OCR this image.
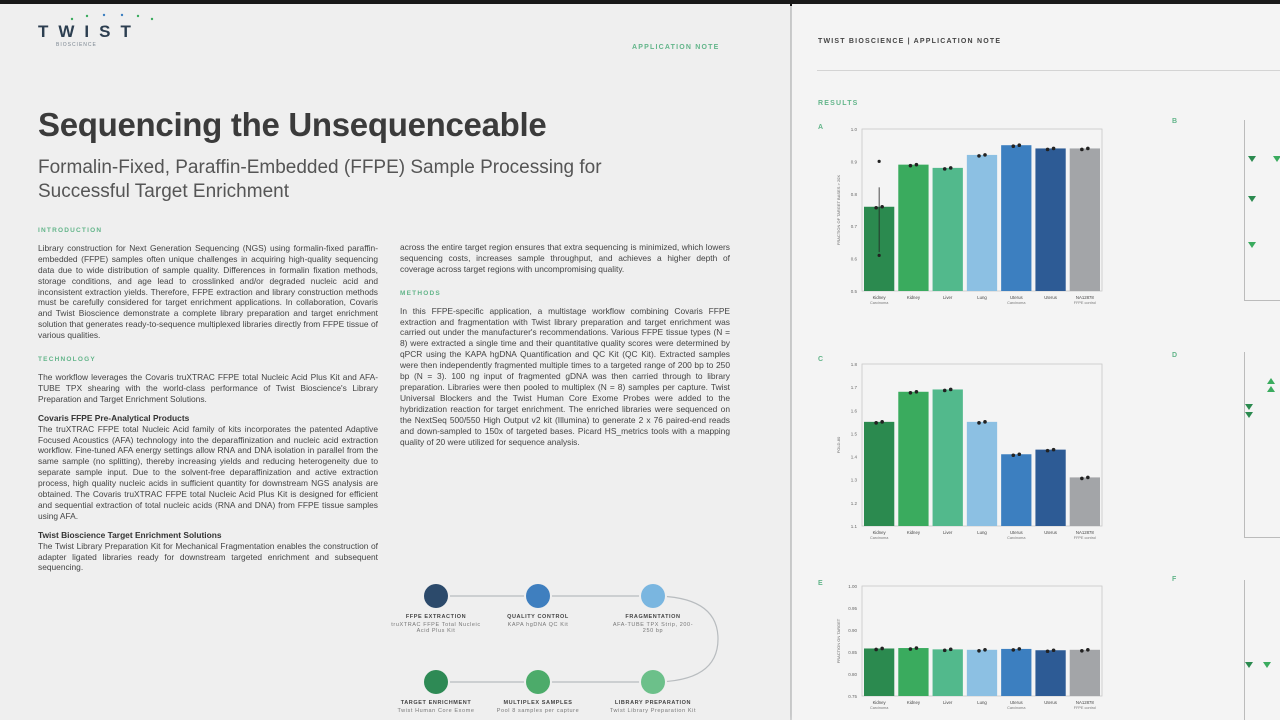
TWIST
BIOSCIENCE	APPLICATION NOTE
Sequencing the Unsequenceable
Formalin-Fixed, Paraffin-Embedded (FFPE) Sample Processing for Successful Target Enrichment
INTRODUCTION
Library construction for Next Generation Sequencing (NGS) using formalin-fixed paraffin-embedded (FFPE) samples often unique challenges in acquiring high-quality sequencing data due to wide distribution of sample quality. Differences in formalin fixation methods, storage conditions, and age lead to crosslinked and/or degraded nucleic acid and inconsistent extraction yields. Therefore, FFPE extraction and library construction methods must be carefully considered for target enrichment applications. In collaboration, Covaris and Twist Bioscience demonstrate a complete library preparation and target enrichment solution that generates ready-to-sequence multiplexed libraries directly from FFPE tissue of various qualities.
TECHNOLOGY
The workflow leverages the Covaris truXTRAC FFPE total Nucleic Acid Plus Kit and AFA-TUBE TPX shearing with the world-class performance of Twist Bioscience's Library Preparation and Target Enrichment Solutions.
Covaris FFPE Pre-Analytical Products
The truXTRAC FFPE total Nucleic Acid family of kits incorporates the patented Adaptive Focused Acoustics (AFA) technology into the deparaffinization and nucleic acid extraction workflow. Fine-tuned AFA energy settings allow RNA and DNA isolation in parallel from the same sample (no splitting), thereby increasing yields and reducing heterogeneity due to separate sample input. Due to the solvent-free deparaffinization and active extraction process, high quality nucleic acids in sufficient quantity for downstream NGS analysis are obtained. The Covaris truXTRAC FFPE total Nucleic Acid Plus Kit is designed for efficient and sequential extraction of total nucleic acids (RNA and DNA) from FFPE tissue samples using AFA.
Twist Bioscience Target Enrichment Solutions
The Twist Library Preparation Kit for Mechanical Fragmentation enables the construction of adapter ligated libraries ready for downstream targeted enrichment and subsequent sequencing.
across the entire target region ensures that extra sequencing is minimized, which lowers sequencing costs, increases sample throughput, and achieves a higher depth of coverage across target regions with uncompromising quality.
METHODS
In this FFPE-specific application, a multistage workflow combining Covaris FFPE extraction and fragmentation with Twist library preparation and target enrichment was carried out under the manufacturer's recommendations. Various FFPE tissue types (N = 8) were extracted a single time and their quantitative quality scores were determined by qPCR using the KAPA hgDNA Quantification and QC Kit (QC Kit). Extracted samples were then independently fragmented multiple times to a targeted range of 200 bp to 250 bp (N = 3). 100 ng input of fragmented gDNA was then carried through to library preparation. Libraries were then pooled to multiplex (N = 8) samples per capture. Twist Universal Blockers and the Twist Human Core Exome Probes were added to the hybridization reaction for target enrichment. The enriched libraries were sequenced on the NextSeq 500/550 High Output v2 kit (Illumina) to generate 2 x 76 paired-end reads and down-sampled to 150x of targeted bases. Picard HS_metrics tools with a mapping quality of 20 were utilized for sequence analysis.
FFPE EXTRACTION
truXTRAC FFPE Total Nucleic Acid Plus Kit
QUALITY CONTROL
KAPA hgDNA QC Kit
FRAGMENTATION
AFA-TUBE TPX Strip, 200-250 bp
TARGET ENRICHMENT
Twist Human Core Exome
MULTIPLEX SAMPLES
Pool 8 samples per capture
LIBRARY PREPARATION
Twist Library Preparation Kit
TWIST BIOSCIENCE | APPLICATION NOTE
RESULTS
A
C
E
B
D
F
0.5
0.6
0.7
0.8
0.9
1.0
FRACTION OF TARGET BASES > 20X
Kidney
Carcinoma
Kidney	Liver	Lung	Uterus
Carcinoma
Uterus	NA12878
FFPE control
1.1
1.2
1.3
1.4
1.5
1.6
1.7
1.8
FOLD-80
Kidney
Carcinoma
Kidney	Liver	Lung	Uterus
Carcinoma
Uterus	NA12878
FFPE control
0.75
0.80
0.85
0.90
0.95
1.00
FRACTION ON TARGET
Kidney
Carcinoma
Kidney	Liver	Lung	Uterus
Carcinoma
Uterus	NA12878
FFPE control
